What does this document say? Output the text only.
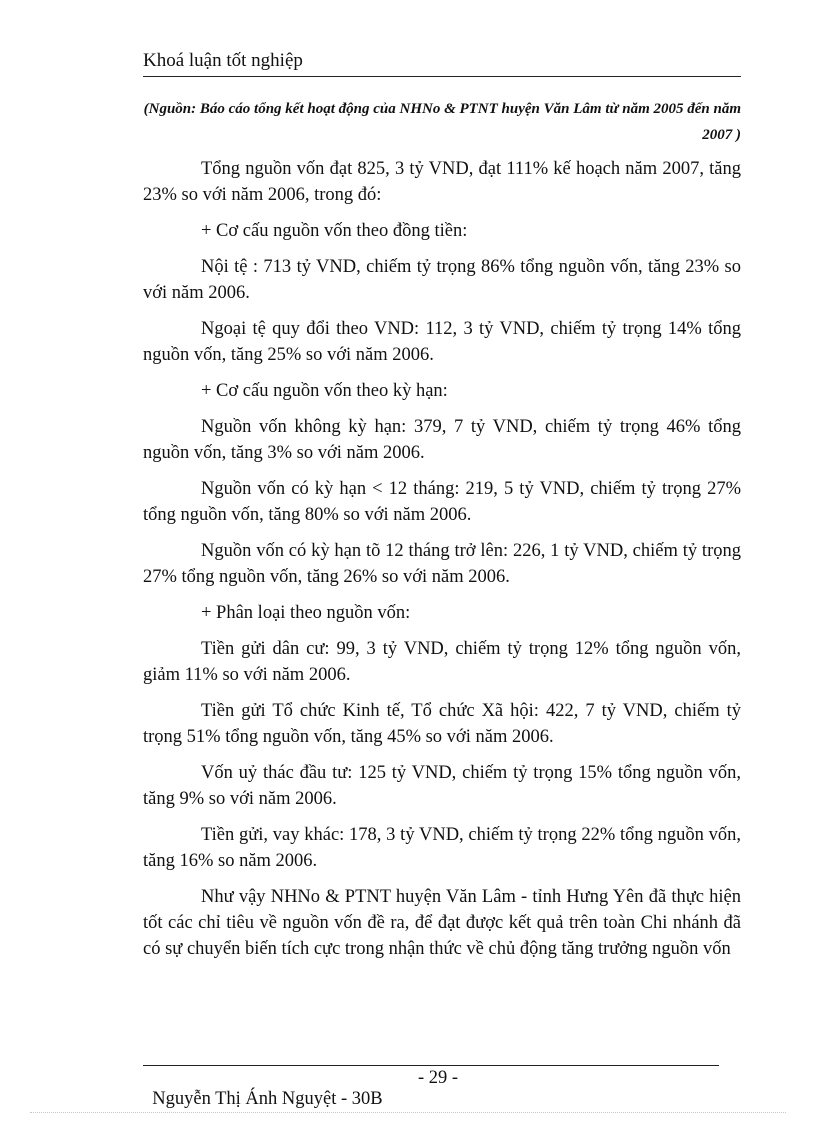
Khoá luận tốt nghiệp
(Nguồn: Báo cáo tổng kết hoạt động của NHNo & PTNT huyện Văn Lâm từ năm 2005 đến năm 2007 )

Tổng nguồn vốn đạt 825, 3 tỷ VND, đạt 111% kế hoạch năm 2007, tăng 23% so với năm 2006, trong đó:

+ Cơ cấu nguồn vốn theo đồng tiền:

Nội tệ : 713 tỷ VND, chiếm tỷ trọng 86% tổng nguồn vốn, tăng 23% so với năm 2006.

Ngoại tệ quy đổi theo VND: 112, 3 tỷ VND, chiếm tỷ trọng 14% tổng nguồn vốn, tăng 25% so với năm 2006.

+ Cơ cấu nguồn vốn theo kỳ hạn:

Nguồn vốn không kỳ hạn: 379, 7 tỷ VND, chiếm tỷ trọng 46% tổng nguồn vốn, tăng 3% so với năm 2006.

Nguồn vốn có kỳ hạn < 12 tháng: 219, 5 tỷ VND, chiếm tỷ trọng 27% tổng nguồn vốn, tăng 80% so với năm 2006.

Nguồn vốn có kỳ hạn tõ 12 tháng trở lên: 226, 1 tỷ VND, chiếm tỷ trọng 27% tổng nguồn vốn, tăng 26% so với năm 2006.

+ Phân loại theo nguồn vốn:

Tiền gửi dân cư: 99, 3 tỷ VND, chiếm tỷ trọng 12% tổng nguồn vốn, giảm 11% so với năm 2006.

Tiền gửi Tổ chức Kinh tế, Tổ chức Xã hội: 422, 7 tỷ VND, chiếm tỷ trọng 51% tổng nguồn vốn, tăng 45% so với năm 2006.

Vốn uỷ thác đầu tư: 125 tỷ VND, chiếm tỷ trọng 15% tổng nguồn vốn, tăng 9% so với năm 2006.

Tiền gửi, vay khác: 178, 3 tỷ VND, chiếm tỷ trọng 22% tổng nguồn vốn, tăng 16% so năm 2006.

Như vậy NHNo & PTNT huyện Văn Lâm - tỉnh Hưng Yên đã thực hiện tốt các chỉ tiêu về nguồn vốn đề ra, để đạt được kết quả trên toàn Chi nhánh đã có sự chuyển biến tích cực trong nhận thức về chủ động tăng trưởng nguồn vốn

Nguyễn Thị Ánh Nguyệt - 30B

- 29 -
